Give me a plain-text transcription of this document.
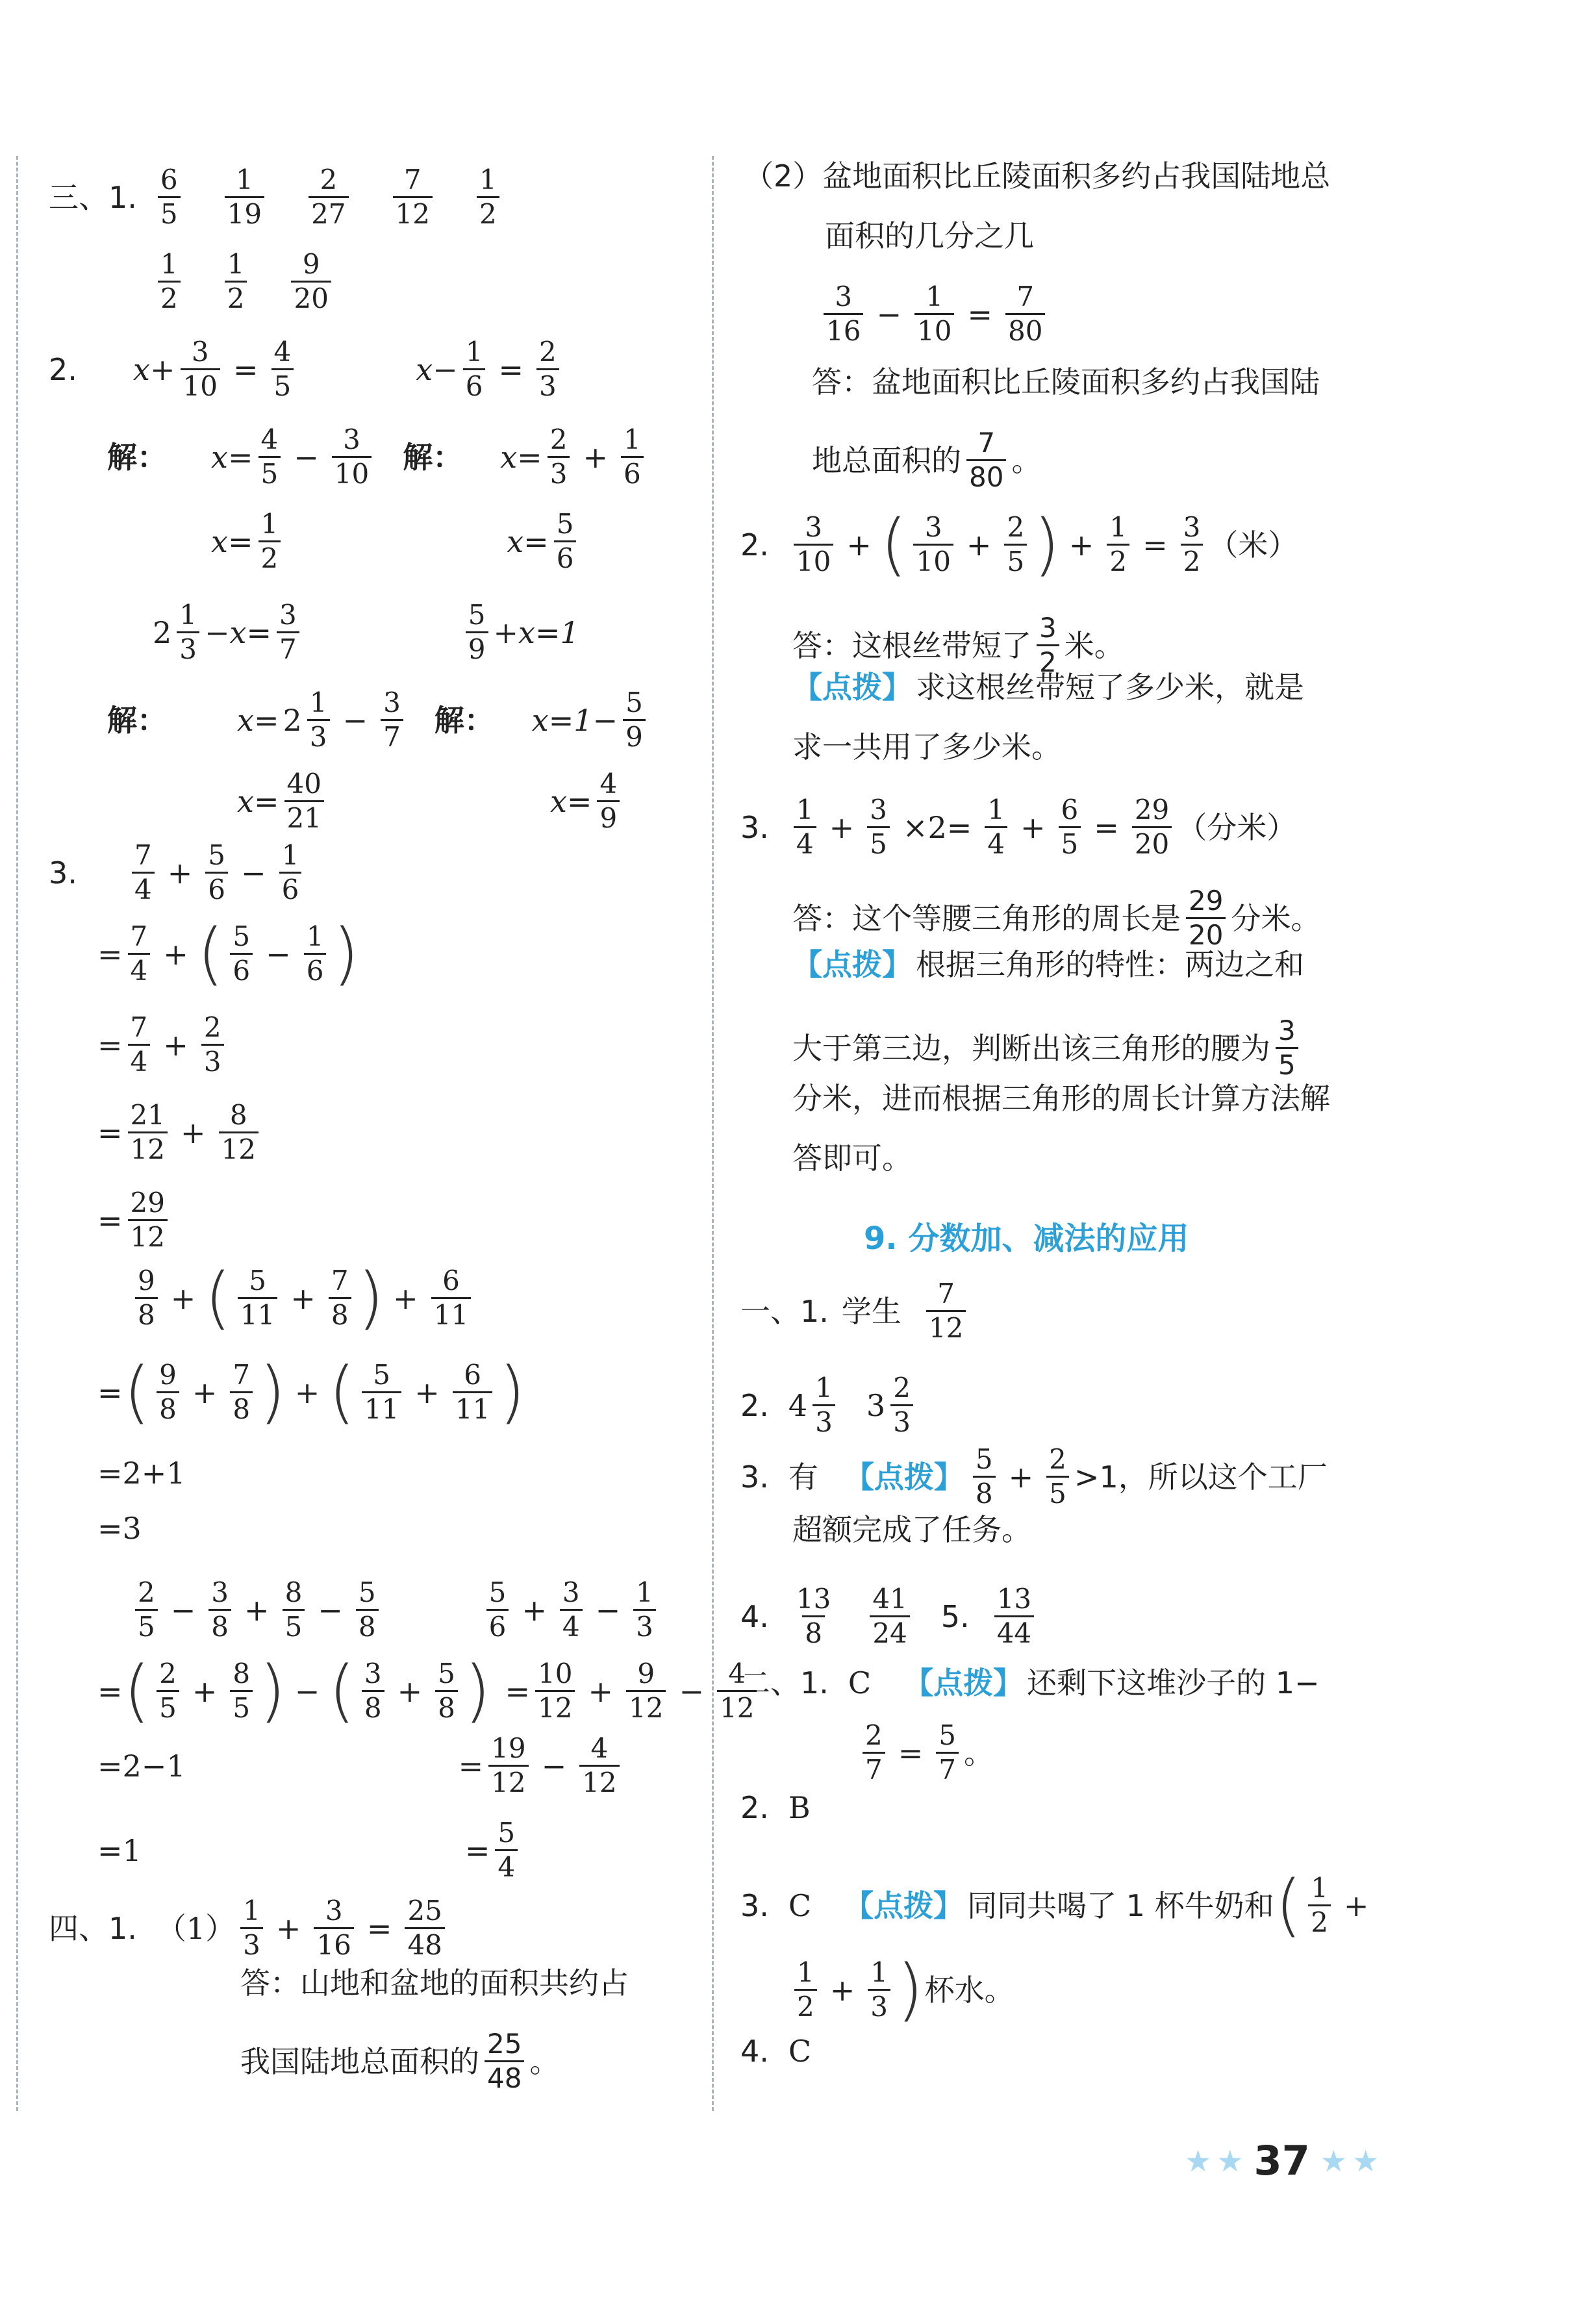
三、1. $\frac{6}{5} \frac{1}{19} \frac{2}{27} \frac{7}{12} \frac{1}{2}$
$\frac{1}{2} \frac{1}{2} \frac{9}{20}$
2.	$x+ \frac{3}{10} = \frac{4}{5}$	$x- \frac{1}{6} = \frac{2}{3}$
解：	$x= \frac{4}{5} - \frac{3}{10}$ 解：	$x= \frac{2}{3} + \frac{1}{6}$
$x= \frac{1}{2}$	$x= \frac{5}{6}$
$2 \frac{1}{3} -x= \frac{3}{7}$	$\frac{5}{9} +x=1$
解：	$x= 2 \frac{1}{3} - \frac{3}{7}$ 解：	$x=1- \frac{5}{9}$
$x= \frac{40}{21}$	$x= \frac{4}{9}$
3.	$\frac{7}{4} + \frac{5}{6} - \frac{1}{6}$
= $\frac{7}{4}$ + ( $\frac{5}{6} - \frac{1}{6}$ )
= $\frac{7}{4} + \frac{2}{3}$
= $\frac{21}{12} + \frac{8}{12}$
= $\frac{29}{12}$
$\frac{9}{8}$ + ( $\frac{5}{11} + \frac{7}{8}$ ) + $\frac{6}{11}$
= ( $\frac{9}{8} + \frac{7}{8}$ ) + ( $\frac{5}{11} + \frac{6}{11}$ )
=2+1
=3
$\frac{2}{5} - \frac{3}{8} + \frac{8}{5} - \frac{5}{8}$	$\frac{5}{6} + \frac{3}{4} - \frac{1}{3}$
= ( $\frac{2}{5} + \frac{8}{5}$ ) − ( $\frac{3}{8} + \frac{5}{8}$ ) = $\frac{10}{12} + \frac{9}{12} - \frac{4}{12}$
=2−1	= $\frac{19}{12} - \frac{4}{12}$
=1	= $\frac{5}{4}$
四、1. $(1) \frac{1}{3} + \frac{3}{16} = \frac{25}{48}$
答：山地和盆地的面积共约占
我国陆地总面积的 $\frac{25}{48}$ 。
（2）盆地面积比丘陵面积多约占我国陆地总
面积的几分之几
$\frac{3}{16} - \frac{1}{10} = \frac{7}{80}$
答：盆地面积比丘陵面积多约占我国陆
地总面积的 $\frac{7}{80}$ 。
2. $\frac{3}{10}$ + ( $\frac{3}{10} + \frac{2}{5}$ ) + $\frac{1}{2} = \frac{3}{2}$ （米）
答：这根丝带短了 $\frac{3}{2}$ 米。
【点拨】 求这根丝带短了多少米，就是
求一共用了多少米。
3. $\frac{1}{4} + \frac{3}{5} \times 2= \frac{1}{4} + \frac{6}{5} = \frac{29}{20}$ （分米）
答：这个等腰三角形的周长是 $\frac{29}{20}$ 分米。
【点拨】 根据三角形的特性：两边之和
大于第三边，判断出该三角形的腰为 $\frac{3}{5}$
分米，进而根据三角形的周长计算方法解
答即可。
9. 分数加、减法的应用
一、1. 学生 $\frac{7}{12}$
2. $4 \frac{1}{3} 3 \frac{2}{3}$
3. 有 【点拨】 $\frac{5}{8} + \frac{2}{5} >1$，所以这个工厂
超额完成了任务。
4. $\frac{13}{8} \frac{41}{24} 5$. $\frac{13}{44}$
二、1. C 【点拨】 还剩下这堆沙子的 1−
$\frac{2}{7} = \frac{5}{7}$ 。
2. B
3. C 【点拨】 同同共喝了 1 杯牛奶和 ( $\frac{1}{2}$ +
$\frac{1}{2} + \frac{1}{3}$ ) 杯水。
4. C
★ ★ 37 ★ ★
